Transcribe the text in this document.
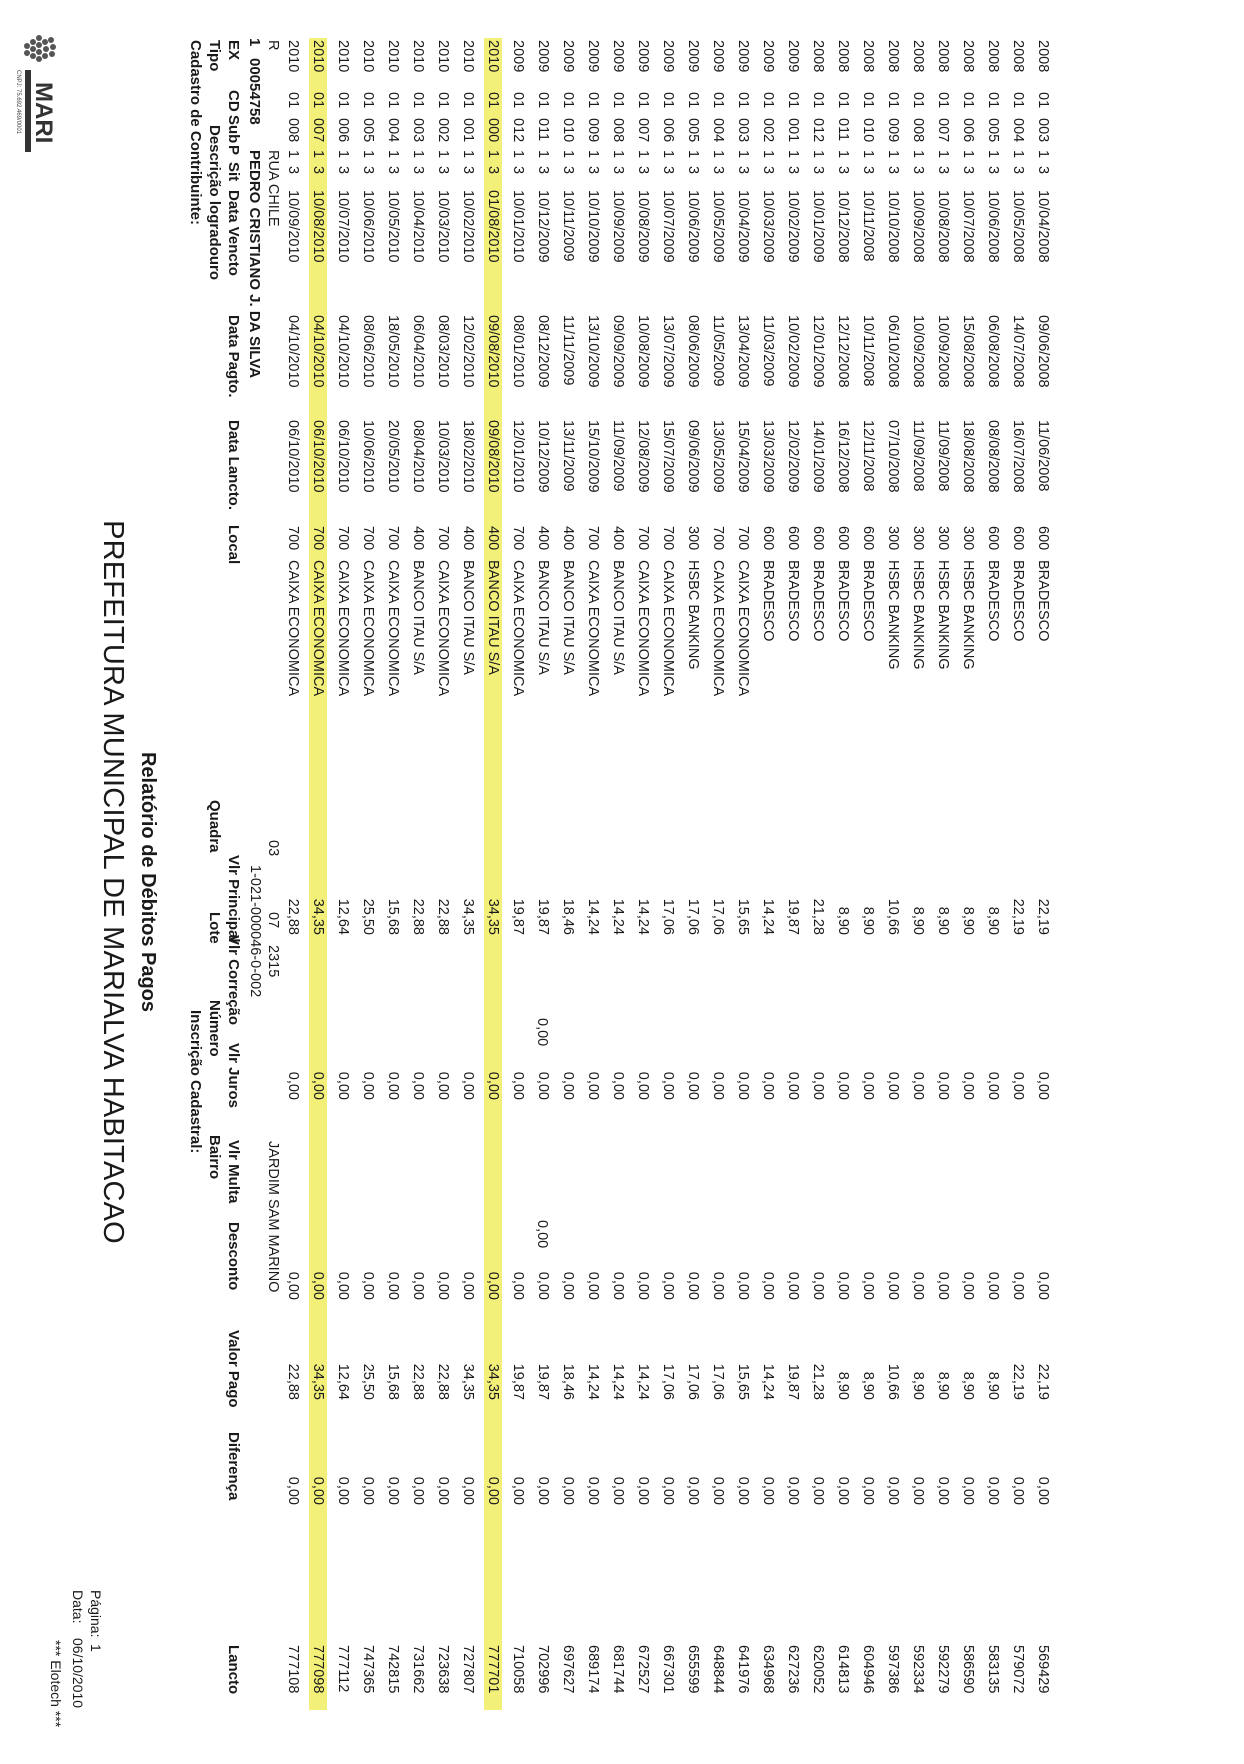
MARI
CNPJ: 75.692.469/0001
PREFEITURA MUNICIPAL DE MARIALVA HABITACAO Relatório de Débitos Pagos
*** Elotech ***
Data:
06/10/2010
Página:
1
Cadastro de Contribuinte: Tipo
Descrição logradouro
Inscrição Cadastral:
Quadra
Lote
Número
Bairro
EX
CD
Sub
P
Sit
Data Vencto
Data Pagto.
Data Lancto.
Local
Vlr Principal
Vlr Correção
Vlr Juros
Vlr Multa
Desconto
Valor Pago
Diferença
Lancto
1
00054758
PEDRO CRISTIANO J. DA SILVA
1-021-000046-0-002
R
RUA CHILE
03
07
2315
JARDIM SAM MARINO
0,00
0,00
2010
01
008
1
3
10/09/2010
04/10/2010
06/10/2010
700
CAIXA ECONOMICA
22,88
0,00
0,00
22,88
0,00
777108
2010
01
007
1
3
10/08/2010
04/10/2010
06/10/2010
700
CAIXA ECONOMICA
34,35
0,00
0,00
34,35
0,00
777098
2010
01
006
1
3
10/07/2010
04/10/2010
06/10/2010
700
CAIXA ECONOMICA
12,64
0,00
0,00
12,64
0,00
777112
2010
01
005
1
3
10/06/2010
08/06/2010
10/06/2010
700
CAIXA ECONOMICA
25,50
0,00
0,00
25,50
0,00
747365
2010
01
004
1
3
10/05/2010
18/05/2010
20/05/2010
700
CAIXA ECONOMICA
15,68
0,00
0,00
15,68
0,00
742815
2010
01
003
1
3
10/04/2010
06/04/2010
08/04/2010
400
BANCO ITAU S/A
22,88
0,00
0,00
22,88
0,00
731662
2010
01
002
1
3
10/03/2010
08/03/2010
10/03/2010
700
CAIXA ECONOMICA
22,88
0,00
0,00
22,88
0,00
723638
2010
01
001
1
3
10/02/2010
12/02/2010
18/02/2010
400
BANCO ITAU S/A
34,35
0,00
0,00
34,35
0,00
727807
2010
01
000
1
3
01/08/2010
09/08/2010
09/08/2010
400
BANCO ITAU S/A
34,35
0,00
0,00
34,35
0,00
777701
2009
01
012
1
3
10/01/2010
08/01/2010
12/01/2010
700
CAIXA ECONOMICA
19,87
0,00
0,00
19,87
0,00
710058
2009
01
011
1
3
10/12/2009
08/12/2009
10/12/2009
400
BANCO ITAU S/A
19,87
0,00
0,00
19,87
0,00
702996
2009
01
010
1
3
10/11/2009
11/11/2009
13/11/2009
400
BANCO ITAU S/A
18,46
0,00
0,00
18,46
0,00
697627
2009
01
009
1
3
10/10/2009
13/10/2009
15/10/2009
700
CAIXA ECONOMICA
14,24
0,00
0,00
14,24
0,00
689174
2009
01
008
1
3
10/09/2009
09/09/2009
11/09/2009
400
BANCO ITAU S/A
14,24
0,00
0,00
14,24
0,00
681744
2009
01
007
1
3
10/08/2009
10/08/2009
12/08/2009
700
CAIXA ECONOMICA
14,24
0,00
0,00
14,24
0,00
672527
2009
01
006
1
3
10/07/2009
13/07/2009
15/07/2009
700
CAIXA ECONOMICA
17,06
0,00
0,00
17,06
0,00
667301
2009
01
005
1
3
10/06/2009
08/06/2009
09/06/2009
300
HSBC BANKING
17,06
0,00
0,00
17,06
0,00
655599
2009
01
004
1
3
10/05/2009
11/05/2009
13/05/2009
700
CAIXA ECONOMICA
17,06
0,00
0,00
17,06
0,00
648844
2009
01
003
1
3
10/04/2009
13/04/2009
15/04/2009
700
CAIXA ECONOMICA
15,65
0,00
0,00
15,65
0,00
641976
2009
01
002
1
3
10/03/2009
11/03/2009
13/03/2009
600
BRADESCO
14,24
0,00
0,00
14,24
0,00
634968
2009
01
001
1
3
10/02/2009
10/02/2009
12/02/2009
600
BRADESCO
19,87
0,00
0,00
19,87
0,00
627236
2008
01
012
1
3
10/01/2009
12/01/2009
14/01/2009
600
BRADESCO
21,28
0,00
0,00
21,28
0,00
620052
2008
01
011
1
3
10/12/2008
12/12/2008
16/12/2008
600
BRADESCO
8,90
0,00
0,00
8,90
0,00
614813
2008
01
010
1
3
10/11/2008
10/11/2008
12/11/2008
600
BRADESCO
8,90
0,00
0,00
8,90
0,00
604946
2008
01
009
1
3
10/10/2008
06/10/2008
07/10/2008
300
HSBC BANKING
10,66
0,00
0,00
10,66
0,00
597386
2008
01
008
1
3
10/09/2008
10/09/2008
11/09/2008
300
HSBC BANKING
8,90
0,00
0,00
8,90
0,00
592334
2008
01
007
1
3
10/08/2008
10/09/2008
11/09/2008
300
HSBC BANKING
8,90
0,00
0,00
8,90
0,00
592279
2008
01
006
1
3
10/07/2008
15/08/2008
18/08/2008
300
HSBC BANKING
8,90
0,00
0,00
8,90
0,00
586590
2008
01
005
1
3
10/06/2008
06/08/2008
08/08/2008
600
BRADESCO
8,90
0,00
0,00
8,90
0,00
583135
2008
01
004
1
3
10/05/2008
14/07/2008
16/07/2008
600
BRADESCO
22,19
0,00
0,00
22,19
0,00
579072
2008
01
003
1
3
10/04/2008
09/06/2008
11/06/2008
600
BRADESCO
22,19
0,00
0,00
22,19
0,00
569429
